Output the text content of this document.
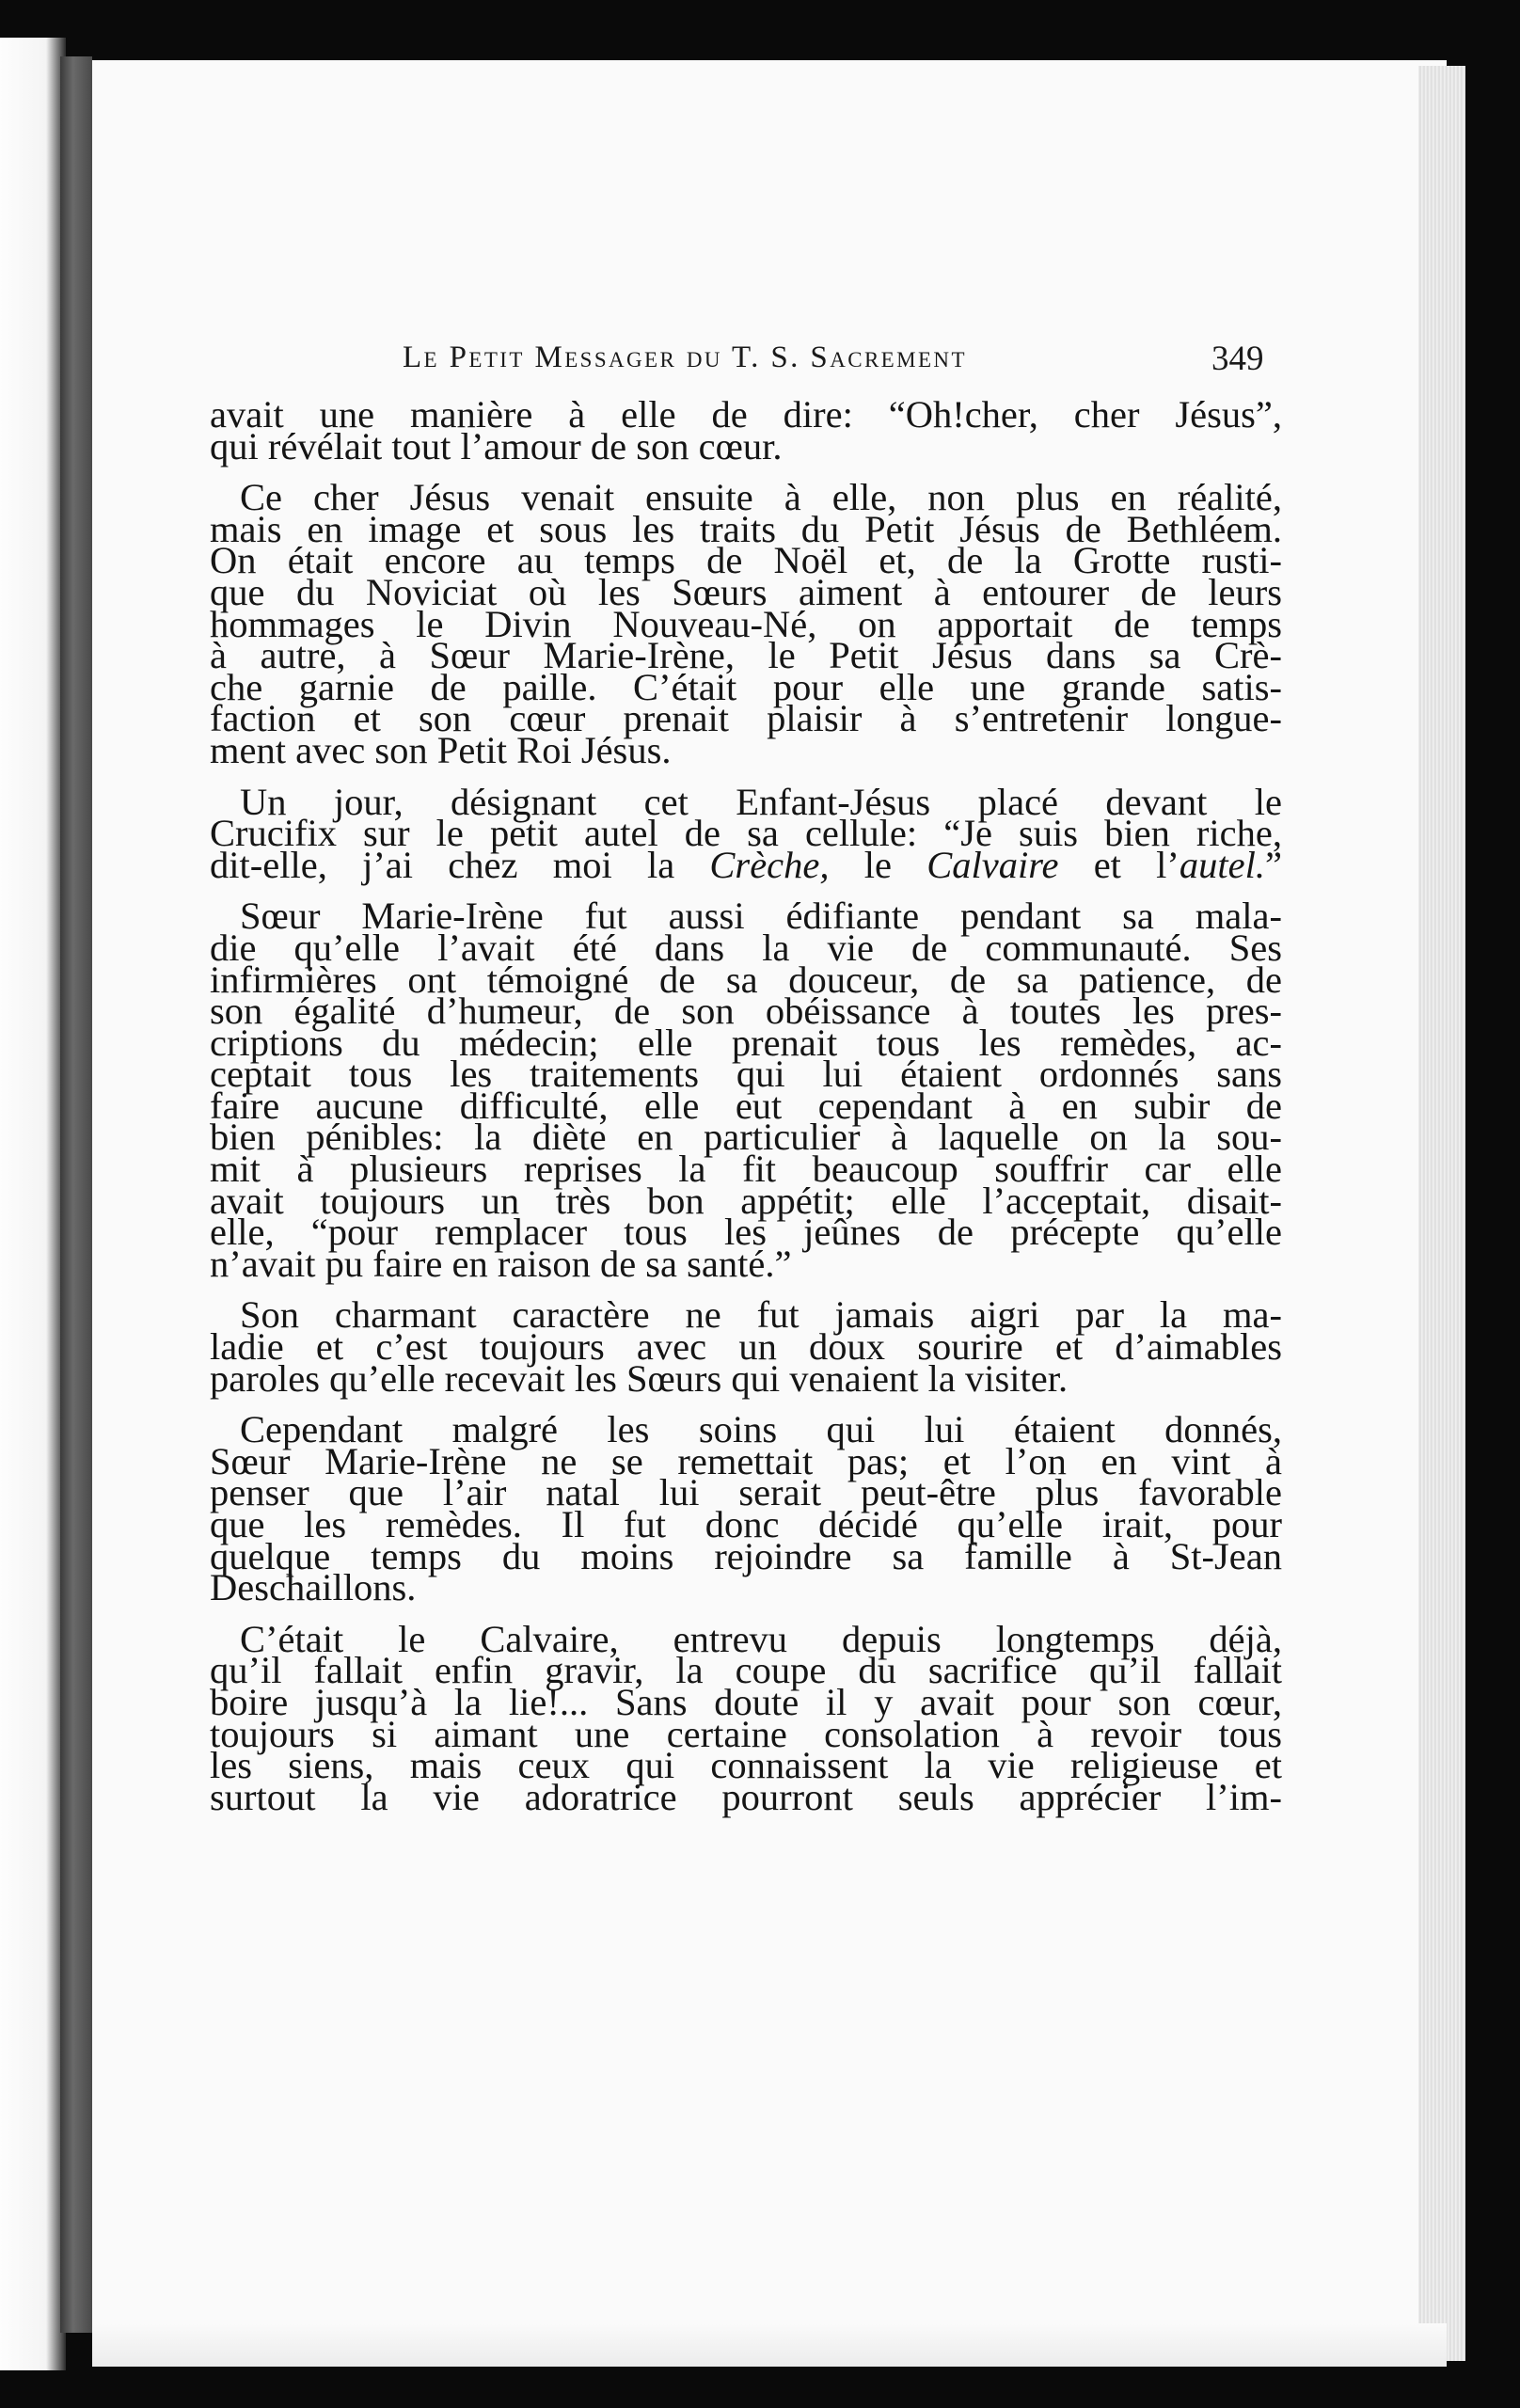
Le Petit Messager du T. S. Sacrement	349
avait une manière à elle de dire: “Oh!cher, cher Jésus”,
qui révélait tout l’amour de son cœur.
Ce cher Jésus venait ensuite à elle, non plus en réalité,
mais en image et sous les traits du Petit Jésus de Bethléem.
On était encore au temps de Noël et, de la Grotte rusti-
que du Noviciat où les Sœurs aiment à entourer de leurs
hommages le Divin Nouveau-Né, on apportait de temps
à autre, à Sœur Marie-Irène, le Petit Jésus dans sa Crè-
che garnie de paille. C’était pour elle une grande satis-
faction et son cœur prenait plaisir à s’entretenir longue-
ment avec son Petit Roi Jésus.
Un jour, désignant cet Enfant-Jésus placé devant le
Crucifix sur le petit autel de sa cellule: “Je suis bien riche,
dit-elle, j’ai chez moi la Crèche, le Calvaire et l’autel.”
Sœur Marie-Irène fut aussi édifiante pendant sa mala-
die qu’elle l’avait été dans la vie de communauté. Ses
infirmières ont témoigné de sa douceur, de sa patience, de
son égalité d’humeur, de son obéissance à toutes les pres-
criptions du médecin; elle prenait tous les remèdes, ac-
ceptait tous les traitements qui lui étaient ordonnés sans
faire aucune difficulté, elle eut cependant à en subir de
bien pénibles: la diète en particulier à laquelle on la sou-
mit à plusieurs reprises la fit beaucoup souffrir car elle
avait toujours un très bon appétit; elle l’acceptait, disait-
elle, “pour remplacer tous les jeûnes de précepte qu’elle
n’avait pu faire en raison de sa santé.”
Son charmant caractère ne fut jamais aigri par la ma-
ladie et c’est toujours avec un doux sourire et d’aimables
paroles qu’elle recevait les Sœurs qui venaient la visiter.
Cependant malgré les soins qui lui étaient donnés,
Sœur Marie-Irène ne se remettait pas; et l’on en vint à
penser que l’air natal lui serait peut-être plus favorable
que les remèdes. Il fut donc décidé qu’elle irait, pour
quelque temps du moins rejoindre sa famille à St-Jean
Deschaillons.
C’était le Calvaire, entrevu depuis longtemps déjà,
qu’il fallait enfin gravir, la coupe du sacrifice qu’il fallait
boire jusqu’à la lie!... Sans doute il y avait pour son cœur,
toujours si aimant une certaine consolation à revoir tous
les siens, mais ceux qui connaissent la vie religieuse et
surtout la vie adoratrice pourront seuls apprécier l’im-
